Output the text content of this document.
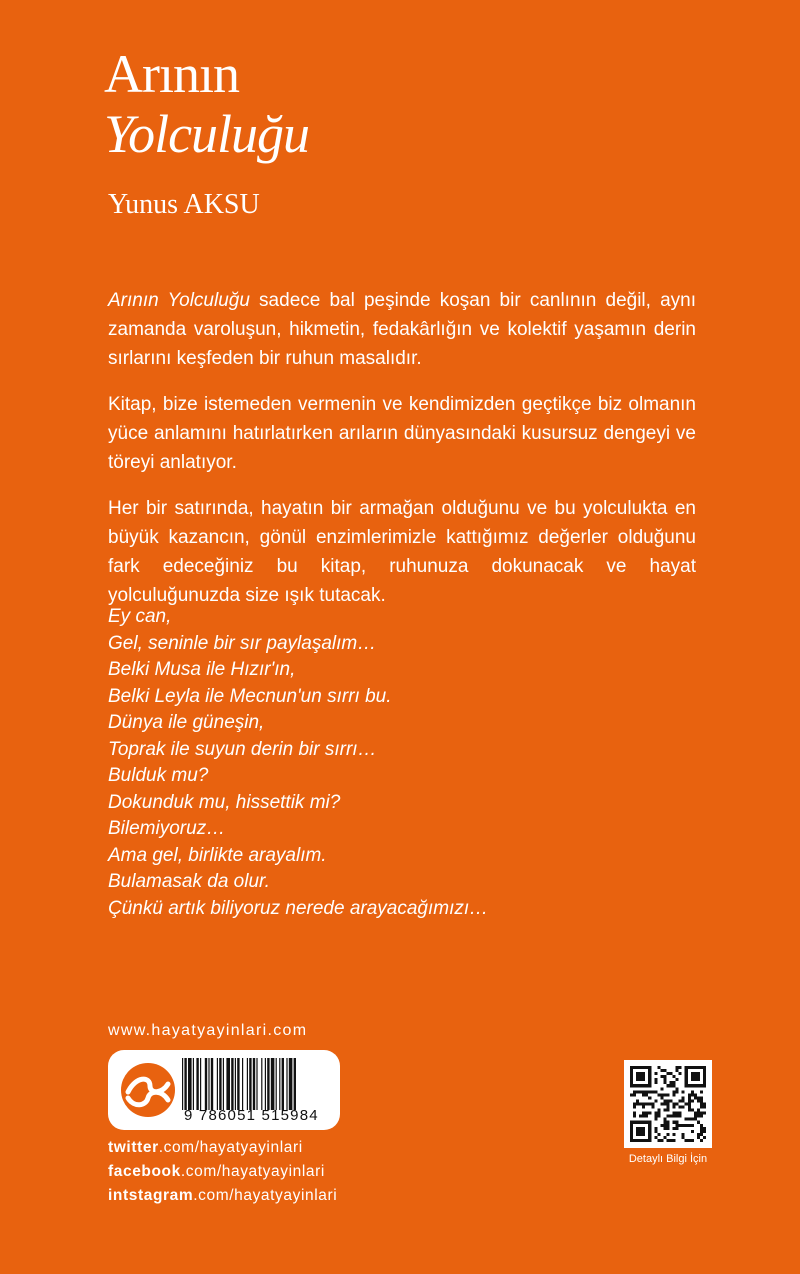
Arının
Yolculuğu
Yunus AKSU

Arının Yolculuğu sadece bal peşinde koşan bir canlının değil, aynı zamanda varoluşun, hikmetin, fedakârlığın ve kolektif yaşamın derin sırlarını keşfeden bir ruhun masalıdır.

Kitap, bize istemeden vermenin ve kendimizden geçtikçe biz olmanın yüce anlamını hatırlatırken arıların dünyasındaki kusursuz dengeyi ve töreyi anlatıyor.

Her bir satırında, hayatın bir armağan olduğunu ve bu yolculukta en büyük kazancın, gönül enzimlerimizle kattığımız değerler olduğunu fark edeceğiniz bu kitap, ruhunuza dokunacak ve hayat yolculuğunuzda size ışık tutacak.

Ey can,
Gel, seninle bir sır paylaşalım…
Belki Musa ile Hızır'ın,
Belki Leyla ile Mecnun'un sırrı bu.
Dünya ile güneşin,
Toprak ile suyun derin bir sırrı…
Bulduk mu?
Dokunduk mu, hissettik mi?
Bilemiyoruz…
Ama gel, birlikte arayalım.
Bulamasak da olur.
Çünkü artık biliyoruz nerede arayacağımızı…
www.hayatyayinlari.com
9 786051 515984
twitter.com/hayatyayinlari
facebook.com/hayatyayinlari
intstagram.com/hayatyayinlari
Detaylı Bilgi İçin
